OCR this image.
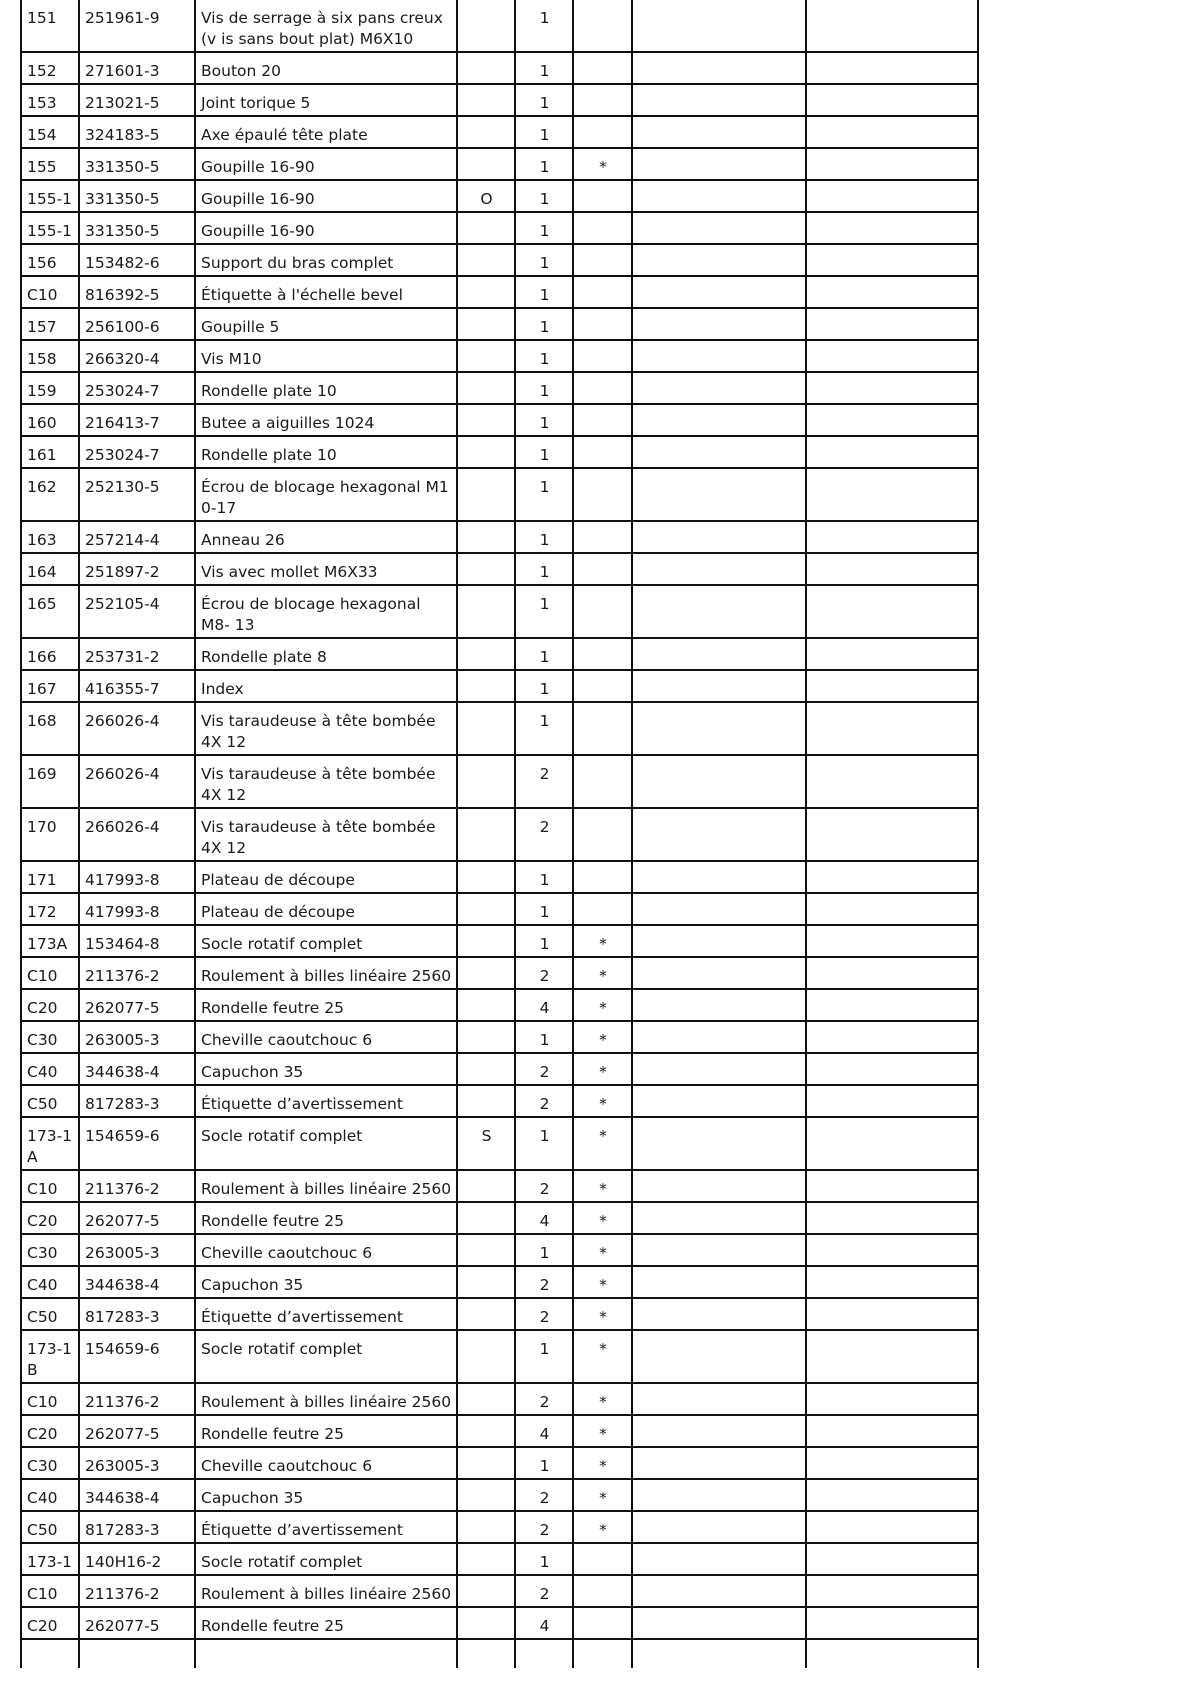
151	251961-9	Vis de serrage à six pans creux (v is sans bout plat) M6X10		1			
152	271601-3	Bouton 20		1			
153	213021-5	Joint torique 5		1			
154	324183-5	Axe épaulé tête plate		1			
155	331350-5	Goupille 16-90		1	*		
155-1	331350-5	Goupille 16-90	O	1			
155-1	331350-5	Goupille 16-90		1			
156	153482-6	Support du bras complet		1			
C10	816392-5	Étiquette à l'échelle bevel		1			
157	256100-6	Goupille 5		1			
158	266320-4	Vis M10		1			
159	253024-7	Rondelle plate 10		1			
160	216413-7	Butee a aiguilles 1024		1			
161	253024-7	Rondelle plate 10		1			
162	252130-5	Écrou de blocage hexagonal M1 0-17		1			
163	257214-4	Anneau 26		1			
164	251897-2	Vis avec mollet M6X33		1			
165	252105-4	Écrou de blocage hexagonal M8- 13		1			
166	253731-2	Rondelle plate 8		1			
167	416355-7	Index		1			
168	266026-4	Vis taraudeuse à tête bombée 4X 12		1			
169	266026-4	Vis taraudeuse à tête bombée 4X 12		2			
170	266026-4	Vis taraudeuse à tête bombée 4X 12		2			
171	417993-8	Plateau de découpe		1			
172	417993-8	Plateau de découpe		1			
173A	153464-8	Socle rotatif complet		1	*		
C10	211376-2	Roulement à billes linéaire 2560		2	*		
C20	262077-5	Rondelle feutre 25		4	*		
C30	263005-3	Cheville caoutchouc 6		1	*		
C40	344638-4	Capuchon 35		2	*		
C50	817283-3	Étiquette d’avertissement		2	*		
173-1 A	154659-6	Socle rotatif complet	S	1	*		
C10	211376-2	Roulement à billes linéaire 2560		2	*		
C20	262077-5	Rondelle feutre 25		4	*		
C30	263005-3	Cheville caoutchouc 6		1	*		
C40	344638-4	Capuchon 35		2	*		
C50	817283-3	Étiquette d’avertissement		2	*		
173-1 B	154659-6	Socle rotatif complet		1	*		
C10	211376-2	Roulement à billes linéaire 2560		2	*		
C20	262077-5	Rondelle feutre 25		4	*		
C30	263005-3	Cheville caoutchouc 6		1	*		
C40	344638-4	Capuchon 35		2	*		
C50	817283-3	Étiquette d’avertissement		2	*		
173-1	140H16-2	Socle rotatif complet		1			
C10	211376-2	Roulement à billes linéaire 2560		2			
C20	262077-5	Rondelle feutre 25		4			
